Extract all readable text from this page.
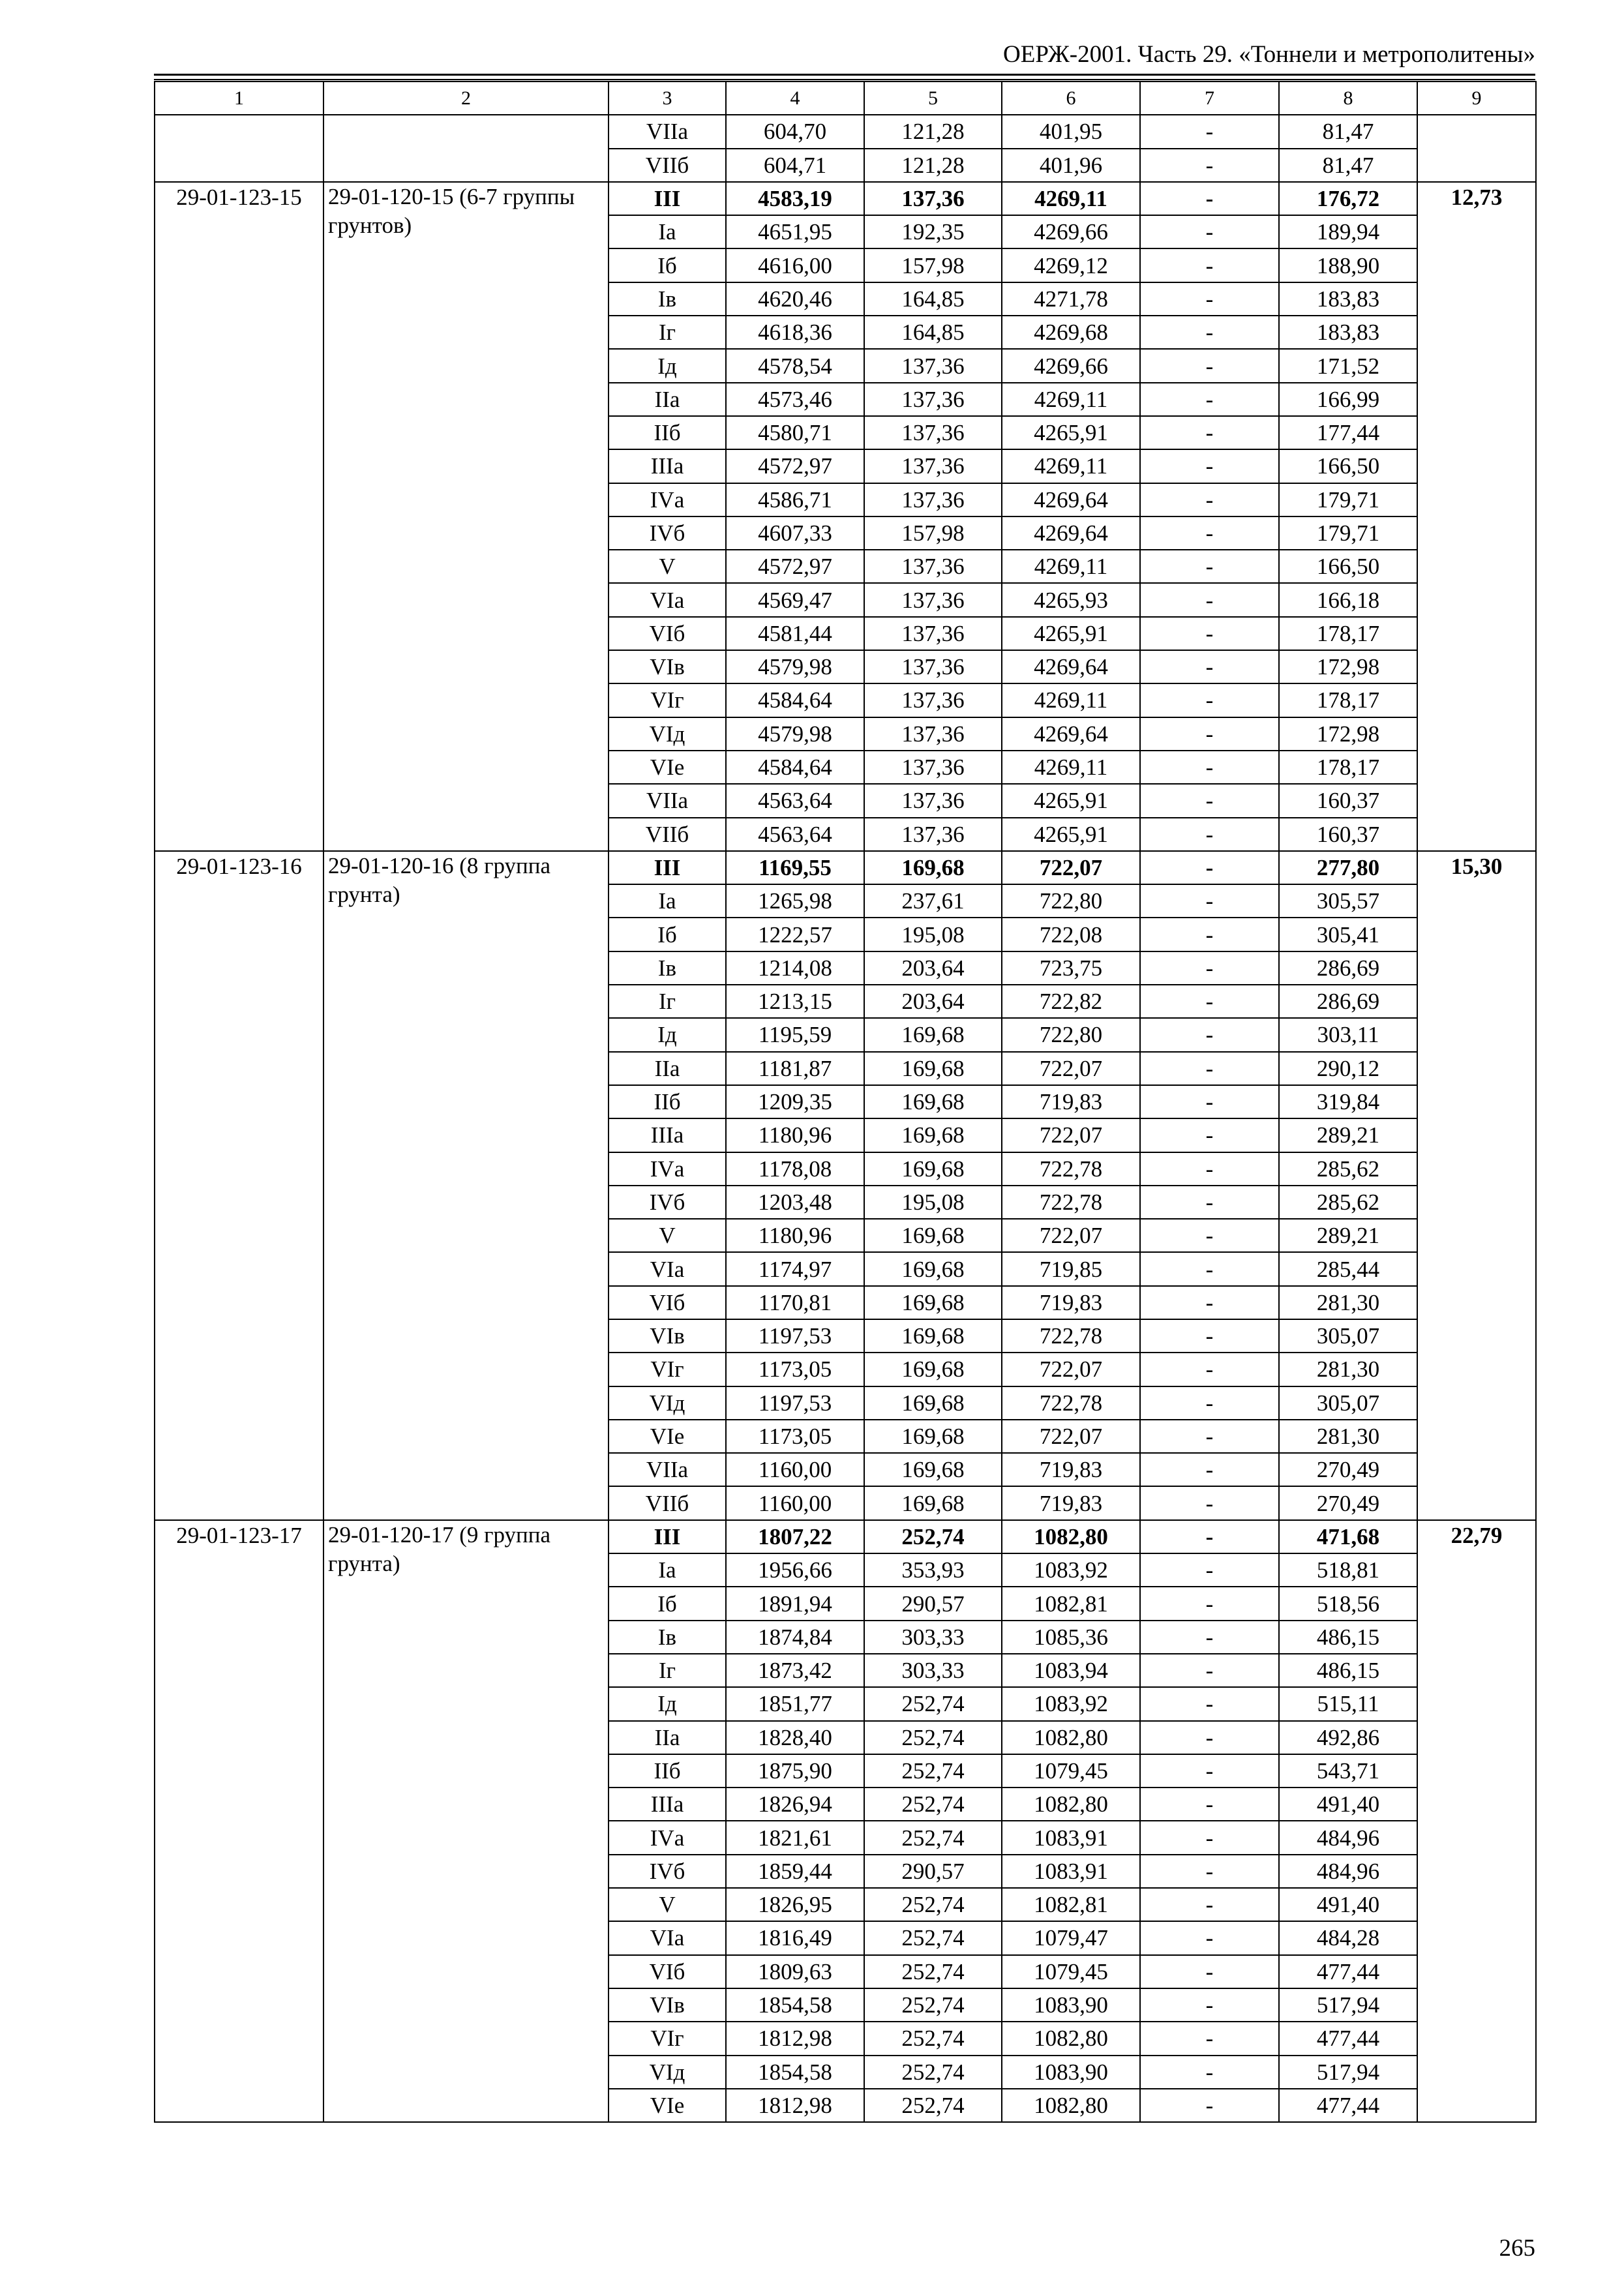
ОЕРЖ-2001. Часть 29. «Тоннели и метрополитены»
1	2	3	4	5	6	7	8	9
		VIIа	604,70	121,28	401,95	-	81,47	
		VIIб	604,71	121,28	401,96	-	81,47	
29-01-123-15	29-01-120-15 (6-7 группы грунтов)	III	4583,19	137,36	4269,11	-	176,72	12,73
		Iа	4651,95	192,35	4269,66	-	189,94	
		Iб	4616,00	157,98	4269,12	-	188,90	
		Iв	4620,46	164,85	4271,78	-	183,83	
		Iг	4618,36	164,85	4269,68	-	183,83	
		Iд	4578,54	137,36	4269,66	-	171,52	
		IIа	4573,46	137,36	4269,11	-	166,99	
		IIб	4580,71	137,36	4265,91	-	177,44	
		IIIа	4572,97	137,36	4269,11	-	166,50	
		IVа	4586,71	137,36	4269,64	-	179,71	
		IVб	4607,33	157,98	4269,64	-	179,71	
		V	4572,97	137,36	4269,11	-	166,50	
		VIа	4569,47	137,36	4265,93	-	166,18	
		VIб	4581,44	137,36	4265,91	-	178,17	
		VIв	4579,98	137,36	4269,64	-	172,98	
		VIг	4584,64	137,36	4269,11	-	178,17	
		VIд	4579,98	137,36	4269,64	-	172,98	
		VIе	4584,64	137,36	4269,11	-	178,17	
		VIIа	4563,64	137,36	4265,91	-	160,37	
		VIIб	4563,64	137,36	4265,91	-	160,37	
29-01-123-16	29-01-120-16 (8 группа грунта)	III	1169,55	169,68	722,07	-	277,80	15,30
		Iа	1265,98	237,61	722,80	-	305,57	
		Iб	1222,57	195,08	722,08	-	305,41	
		Iв	1214,08	203,64	723,75	-	286,69	
		Iг	1213,15	203,64	722,82	-	286,69	
		Iд	1195,59	169,68	722,80	-	303,11	
		IIа	1181,87	169,68	722,07	-	290,12	
		IIб	1209,35	169,68	719,83	-	319,84	
		IIIа	1180,96	169,68	722,07	-	289,21	
		IVа	1178,08	169,68	722,78	-	285,62	
		IVб	1203,48	195,08	722,78	-	285,62	
		V	1180,96	169,68	722,07	-	289,21	
		VIа	1174,97	169,68	719,85	-	285,44	
		VIб	1170,81	169,68	719,83	-	281,30	
		VIв	1197,53	169,68	722,78	-	305,07	
		VIг	1173,05	169,68	722,07	-	281,30	
		VIд	1197,53	169,68	722,78	-	305,07	
		VIе	1173,05	169,68	722,07	-	281,30	
		VIIа	1160,00	169,68	719,83	-	270,49	
		VIIб	1160,00	169,68	719,83	-	270,49	
29-01-123-17	29-01-120-17 (9 группа грунта)	III	1807,22	252,74	1082,80	-	471,68	22,79
		Iа	1956,66	353,93	1083,92	-	518,81	
		Iб	1891,94	290,57	1082,81	-	518,56	
		Iв	1874,84	303,33	1085,36	-	486,15	
		Iг	1873,42	303,33	1083,94	-	486,15	
		Iд	1851,77	252,74	1083,92	-	515,11	
		IIа	1828,40	252,74	1082,80	-	492,86	
		IIб	1875,90	252,74	1079,45	-	543,71	
		IIIа	1826,94	252,74	1082,80	-	491,40	
		IVа	1821,61	252,74	1083,91	-	484,96	
		IVб	1859,44	290,57	1083,91	-	484,96	
		V	1826,95	252,74	1082,81	-	491,40	
		VIа	1816,49	252,74	1079,47	-	484,28	
		VIб	1809,63	252,74	1079,45	-	477,44	
		VIв	1854,58	252,74	1083,90	-	517,94	
		VIг	1812,98	252,74	1082,80	-	477,44	
		VIд	1854,58	252,74	1083,90	-	517,94	
		VIе	1812,98	252,74	1082,80	-	477,44	
265
